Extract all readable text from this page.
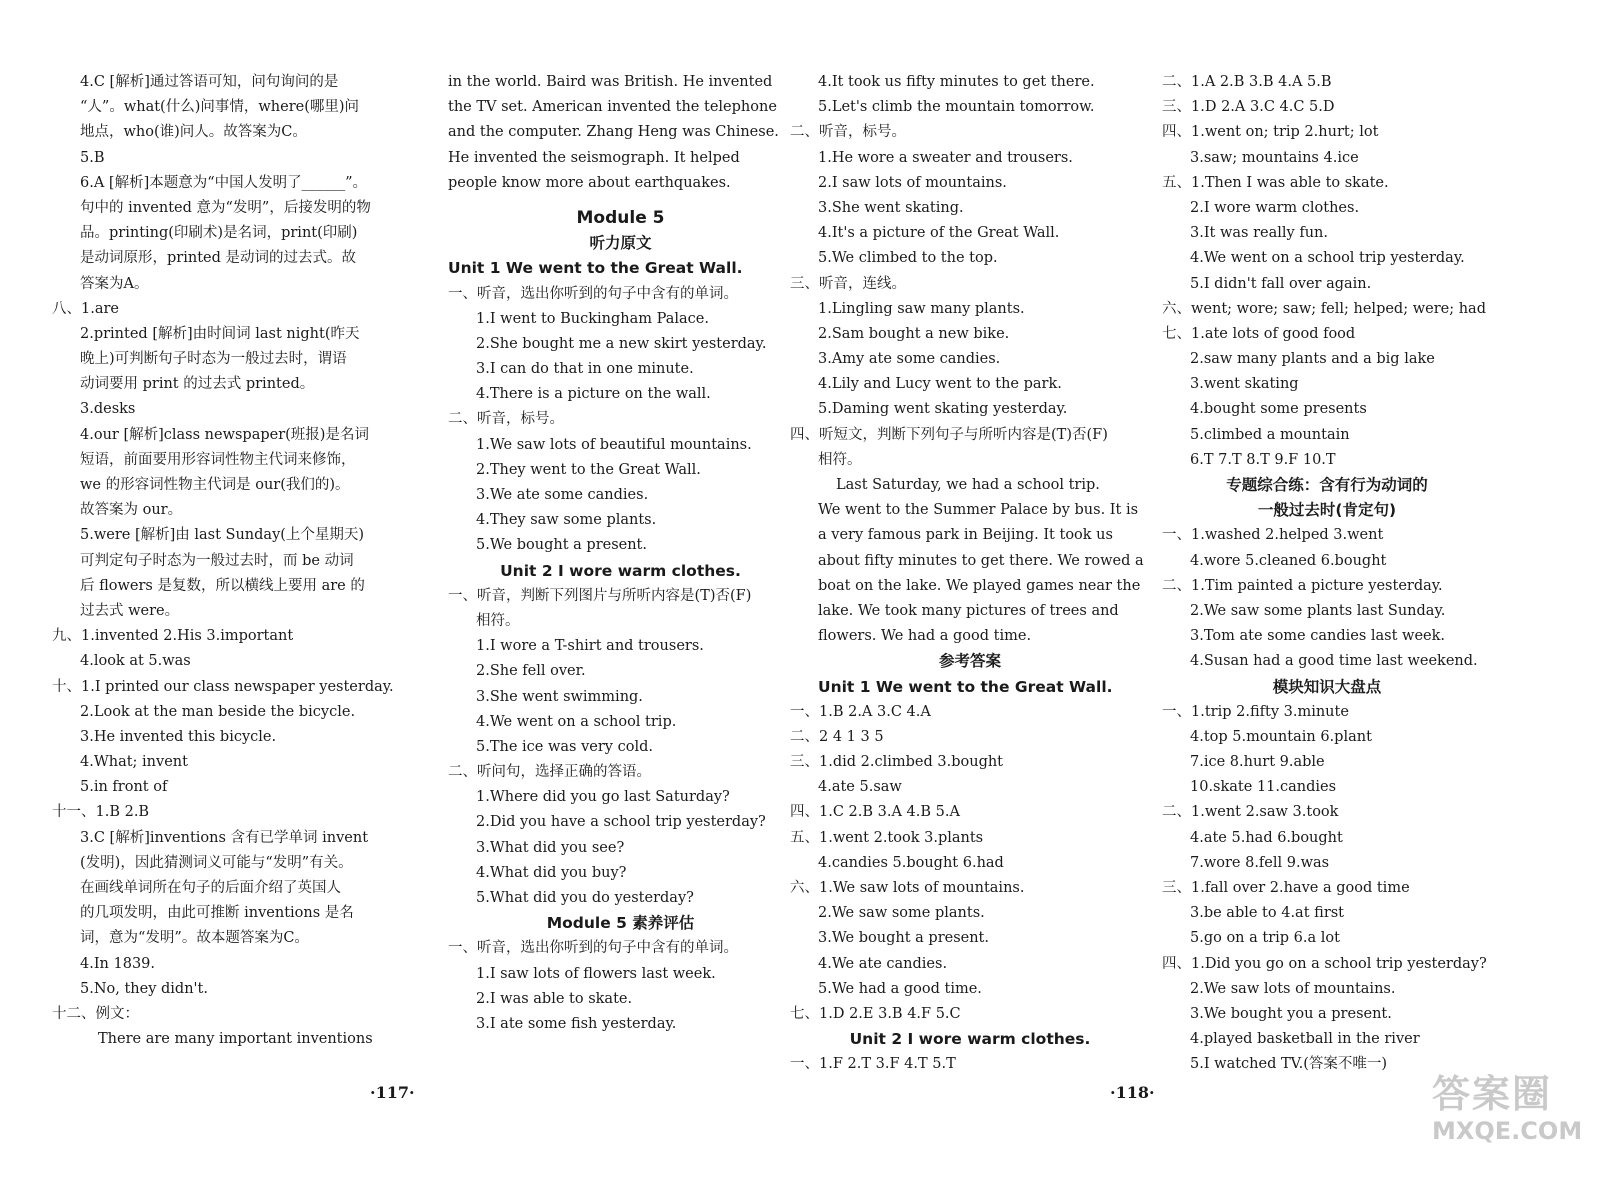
4.C [解析]通过答语可知，问句询问的是
“人”。what(什么)问事情，where(哪里)问
地点，who(谁)问人。故答案为C。
5.B
6.A [解析]本题意为“中国人发明了______”。
句中的 invented 意为“发明”，后接发明的物
品。printing(印刷术)是名词，print(印刷)
是动词原形，printed 是动词的过去式。故
答案为A。
八、1.are
2.printed [解析]由时间词 last night(昨天
晚上)可判断句子时态为一般过去时，谓语
动词要用 print 的过去式 printed。
3.desks
4.our [解析]class newspaper(班报)是名词
短语，前面要用形容词性物主代词来修饰，
we 的形容词性物主代词是 our(我们的)。
故答案为 our。
5.were [解析]由 last Sunday(上个星期天)
可判定句子时态为一般过去时，而 be 动词
后 flowers 是复数，所以横线上要用 are 的
过去式 were。
九、1.invented 2.His 3.important
4.look at 5.was
十、1.I printed our class newspaper yesterday.
2.Look at the man beside the bicycle.
3.He invented this bicycle.
4.What; invent
5.in front of
十一、1.B 2.B
3.C [解析]inventions 含有已学单词 invent
(发明)，因此猜测词义可能与“发明”有关。
在画线单词所在句子的后面介绍了英国人
的几项发明，由此可推断 inventions 是名
词，意为“发明”。故本题答案为C。
4.In 1839.
5.No, they didn't.
十二、例文：
There are many important inventions
in the world. Baird was British. He invented
the TV set. American invented the telephone
and the computer. Zhang Heng was Chinese.
He invented the seismograph. It helped
people know more about earthquakes.
Module 5
听力原文
Unit 1 We went to the Great Wall.
一、听音，选出你听到的句子中含有的单词。
1.I went to Buckingham Palace.
2.She bought me a new skirt yesterday.
3.I can do that in one minute.
4.There is a picture on the wall.
二、听音，标号。
1.We saw lots of beautiful mountains.
2.They went to the Great Wall.
3.We ate some candies.
4.They saw some plants.
5.We bought a present.
Unit 2 I wore warm clothes.
一、听音，判断下列图片与所听内容是(T)否(F)
相符。
1.I wore a T-shirt and trousers.
2.She fell over.
3.She went swimming.
4.We went on a school trip.
5.The ice was very cold.
二、听问句，选择正确的答语。
1.Where did you go last Saturday?
2.Did you have a school trip yesterday?
3.What did you see?
4.What did you buy?
5.What did you do yesterday?
Module 5 素养评估
一、听音，选出你听到的句子中含有的单词。
1.I saw lots of flowers last week.
2.I was able to skate.
3.I ate some fish yesterday.
4.It took us fifty minutes to get there.
5.Let's climb the mountain tomorrow.
二、听音，标号。
1.He wore a sweater and trousers.
2.I saw lots of mountains.
3.She went skating.
4.It's a picture of the Great Wall.
5.We climbed to the top.
三、听音，连线。
1.Lingling saw many plants.
2.Sam bought a new bike.
3.Amy ate some candies.
4.Lily and Lucy went to the park.
5.Daming went skating yesterday.
四、听短文，判断下列句子与所听内容是(T)否(F)
相符。
Last Saturday, we had a school trip.
We went to the Summer Palace by bus. It is
a very famous park in Beijing. It took us
about fifty minutes to get there. We rowed a
boat on the lake. We played games near the
lake. We took many pictures of trees and
flowers. We had a good time.
参考答案
Unit 1 We went to the Great Wall.
一、1.B 2.A 3.C 4.A
二、2 4 1 3 5
三、1.did 2.climbed 3.bought
4.ate 5.saw
四、1.C 2.B 3.A 4.B 5.A
五、1.went 2.took 3.plants
4.candies 5.bought 6.had
六、1.We saw lots of mountains.
2.We saw some plants.
3.We bought a present.
4.We ate candies.
5.We had a good time.
七、1.D 2.E 3.B 4.F 5.C
Unit 2 I wore warm clothes.
一、1.F 2.T 3.F 4.T 5.T
二、1.A 2.B 3.B 4.A 5.B
三、1.D 2.A 3.C 4.C 5.D
四、1.went on; trip 2.hurt; lot
3.saw; mountains 4.ice
五、1.Then I was able to skate.
2.I wore warm clothes.
3.It was really fun.
4.We went on a school trip yesterday.
5.I didn't fall over again.
六、went; wore; saw; fell; helped; were; had
七、1.ate lots of good food
2.saw many plants and a big lake
3.went skating
4.bought some presents
5.climbed a mountain
6.T 7.T 8.T 9.F 10.T
专题综合练：含有行为动词的
一般过去时(肯定句)
一、1.washed 2.helped 3.went
4.wore 5.cleaned 6.bought
二、1.Tim painted a picture yesterday.
2.We saw some plants last Sunday.
3.Tom ate some candies last week.
4.Susan had a good time last weekend.
模块知识大盘点
一、1.trip 2.fifty 3.minute
4.top 5.mountain 6.plant
7.ice 8.hurt 9.able
10.skate 11.candies
二、1.went 2.saw 3.took
4.ate 5.had 6.bought
7.wore 8.fell 9.was
三、1.fall over 2.have a good time
3.be able to 4.at first
5.go on a trip 6.a lot
四、1.Did you go on a school trip yesterday?
2.We saw lots of mountains.
3.We bought you a present.
4.played basketball in the river
5.I watched TV.(答案不唯一)
·117·	·118·	答案圈
MXQE.COM
